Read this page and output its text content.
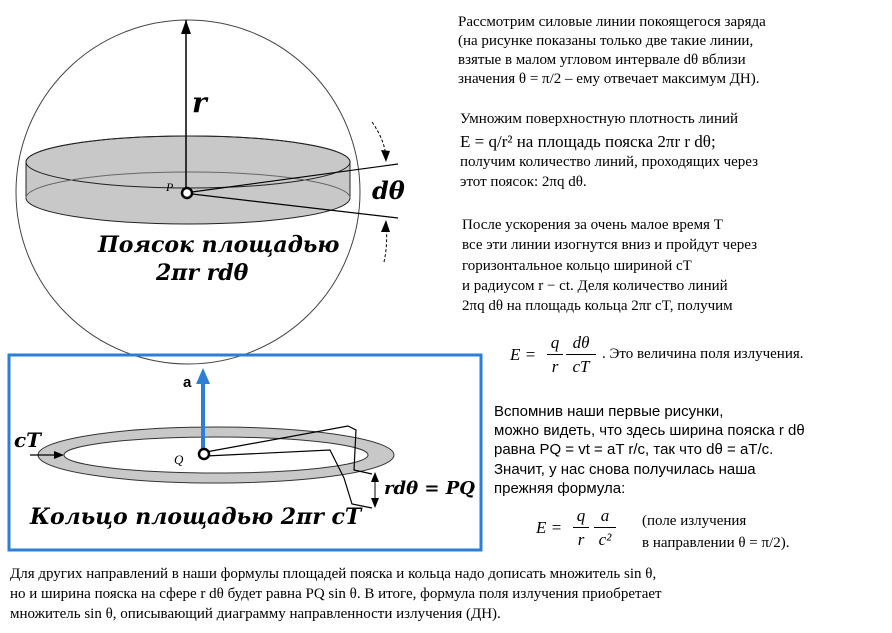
r
P	dθ
Поясок площадью
2πr rdθ
a
cT
Q
rdθ = PQ
Кольцо площадью 2πr cT
Рассмотрим силовые линии покоящегося заряда
(на рисунке показаны только две такие линии,
взятые в малом угловом интервале dθ вблизи
значения θ = π/2 – ему отвечает максимум ДН).
Умножим поверхностную плотность линий
E = q/r² на площадь пояска 2πr r dθ;
получим количество линий, проходящих через
этот поясок: 2πq dθ.
После ускорения за очень малое время T
все эти линии изогнутся вниз и пройдут через
горизонтальное кольцо шириной cT
и радиусом r − ct. Деля количество линий
2πq dθ на площадь кольца 2πr cT, получим
E =
q
r
dθ
cT
. Это величина поля излучения.
Вспомнив наши первые рисунки,
можно видеть, что здесь ширина пояска r dθ
равна PQ = vt = aT r/c, так что dθ = aT/c.
Значит, у нас снова получилась наша
прежняя формула:
E =
q
r
a
c²
(поле излучения
в направлении θ = π/2).
Для других направлений в наши формулы площадей пояска и кольца надо дописать множитель sin θ,
но и ширина пояска на сфере r dθ будет равна PQ sin θ. В итоге, формула поля излучения приобретает
множитель sin θ, описывающий диаграмму направленности излучения (ДН).
